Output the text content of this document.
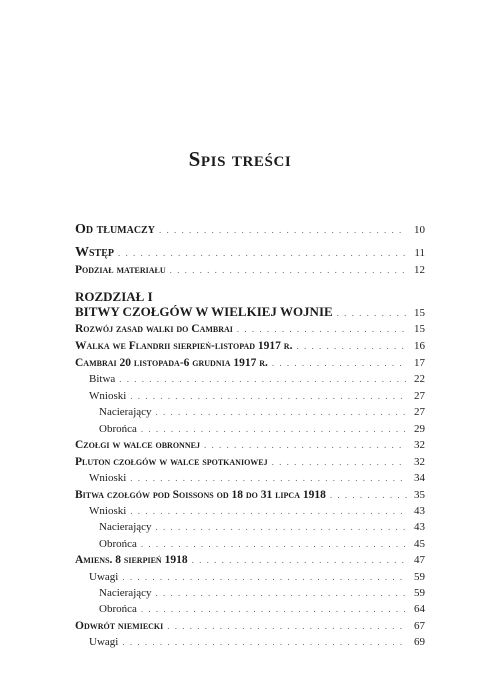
Spis treści
Od tłumaczy . . .	10
Wstęp . . .	11
Podział materiału . . .	12
ROZDZIAŁ I
BITWY CZOŁGÓW W WIELKIEJ WOJNIE . . .	15
Rozwój zasad walki do Cambrai . . .	15
Walka we Flandrii sierpień-listopad 1917 r. . . .	16
Cambrai 20 listopada-6 grudnia 1917 r. . . .	17
Bitwa . . .	22
Wnioski . . .	27
Nacierający . . .	27
Obrońca . . .	29
Czołgi w walce obronnej . . .	32
Pluton czołgów w walce spotkaniowej . . .	32
Wnioski . . .	34
Bitwa czołgów pod Soissons od 18 do 31 lipca 1918 . . .	35
Wnioski . . .	43
Nacierający . . .	43
Obrońca . . .	45
Amiens. 8 sierpień 1918 . . .	47
Uwagi . . .	59
Nacierający . . .	59
Obrońca . . .	64
Odwrót niemiecki . . .	67
Uwagi . . .	69
